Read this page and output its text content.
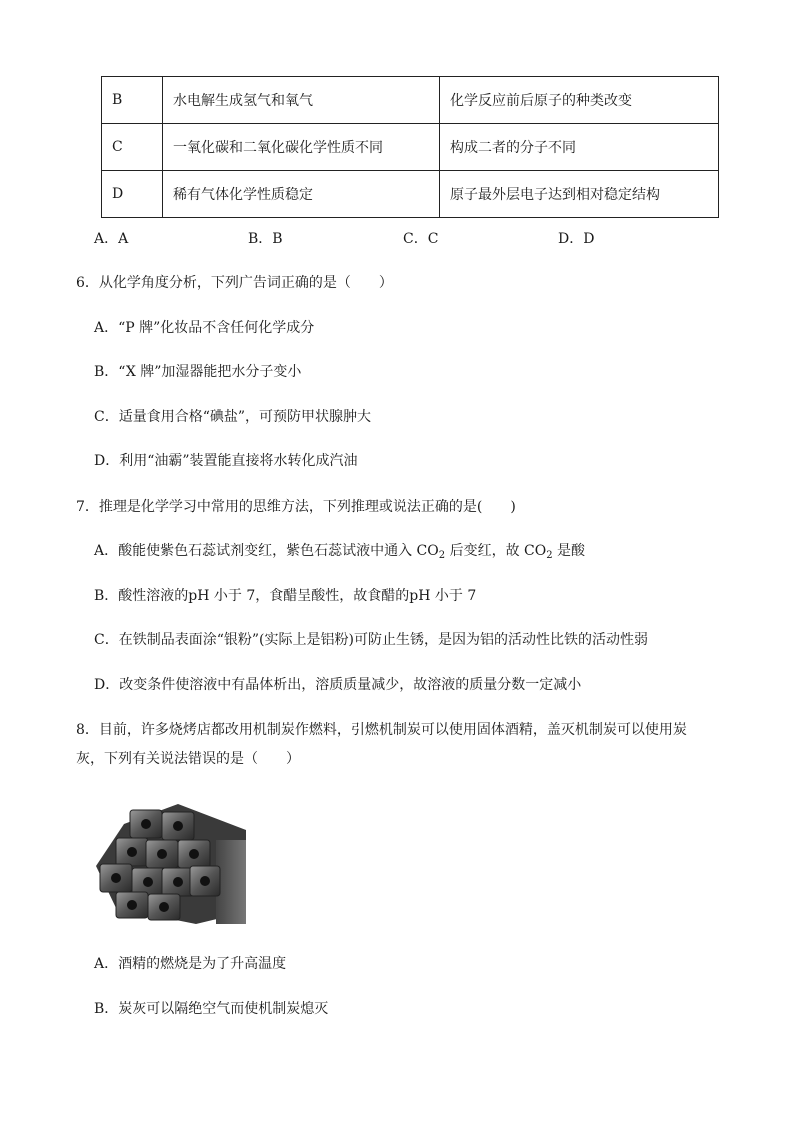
B	水电解生成氢气和氧气	化学反应前后原子的种类改变
C	一氧化碳和二氧化碳化学性质不同	构成二者的分子不同
D	稀有气体化学性质稳定	原子最外层电子达到相对稳定结构
A．A	B．B	C．C	D．D
6．从化学角度分析，下列广告词正确的是（　　）
A．“P 牌”化妆品不含任何化学成分
B．“X 牌”加湿器能把水分子变小
C．适量食用合格“碘盐”，可预防甲状腺肿大
D．利用“油霸”装置能直接将水转化成汽油
7．推理是化学学习中常用的思维方法，下列推理或说法正确的是(　　)
A．酸能使紫色石蕊试剂变红，紫色石蕊试液中通入 $CO_2$ 后变红，故 $CO_2$ 是酸
B．酸性溶液的pH 小于 7，食醋呈酸性，故食醋的pH 小于 7
C．在铁制品表面涂“银粉”(实际上是铝粉)可防止生锈，是因为铝的活动性比铁的活动性弱
D．改变条件使溶液中有晶体析出，溶质质量减少，故溶液的质量分数一定减小
8．目前，许多烧烤店都改用机制炭作燃料，引燃机制炭可以使用固体酒精，盖灭机制炭可以使用炭
灰，下列有关说法错误的是（　　）
A．酒精的燃烧是为了升高温度
B．炭灰可以隔绝空气而使机制炭熄灭
